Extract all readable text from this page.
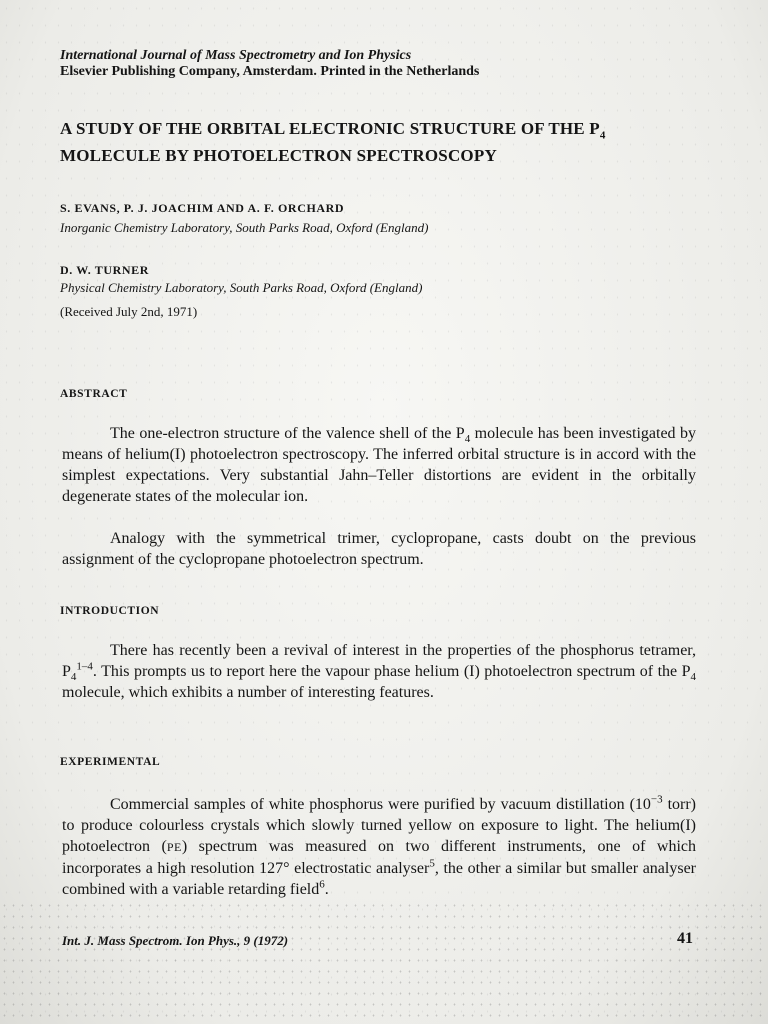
International Journal of Mass Spectrometry and Ion Physics

Elsevier Publishing Company, Amsterdam. Printed in the Netherlands

A STUDY OF THE ORBITAL ELECTRONIC STRUCTURE OF THE $P_4$

MOLECULE BY PHOTOELECTRON SPECTROSCOPY

S. EVANS, P. J. JOACHIM AND A. F. ORCHARD

Inorganic Chemistry Laboratory, South Parks Road, Oxford (England)

D. W. TURNER

Physical Chemistry Laboratory, South Parks Road, Oxford (England)

(Received July 2nd, 1971)

ABSTRACT

The one-electron structure of the valence shell of the $P_4$ molecule has been investigated by means of helium(I) photoelectron spectroscopy. The inferred orbital structure is in accord with the simplest expectations. Very substantial Jahn–Teller distortions are evident in the orbitally degenerate states of the molecular ion.

Analogy with the symmetrical trimer, cyclopropane, casts doubt on the previous assignment of the cyclopropane photoelectron spectrum.

INTRODUCTION

There has recently been a revival of interest in the properties of the phosphorus tetramer, $P_4^{1-4}$. This prompts us to report here the vapour phase helium (I) photoelectron spectrum of the $P_4$ molecule, which exhibits a number of interesting features.

EXPERIMENTAL

Commercial samples of white phosphorus were purified by vacuum distillation ($10^{-3}$ torr) to produce colourless crystals which slowly turned yellow on exposure to light. The helium(I) photoelectron (PE) spectrum was measured on two different instruments, one of which incorporates a high resolution 127° electrostatic analyser$^5$, the other a similar but smaller analyser combined with a variable retarding field$^6$.

Int. J. Mass Spectrom. Ion Phys., 9 (1972)	41
